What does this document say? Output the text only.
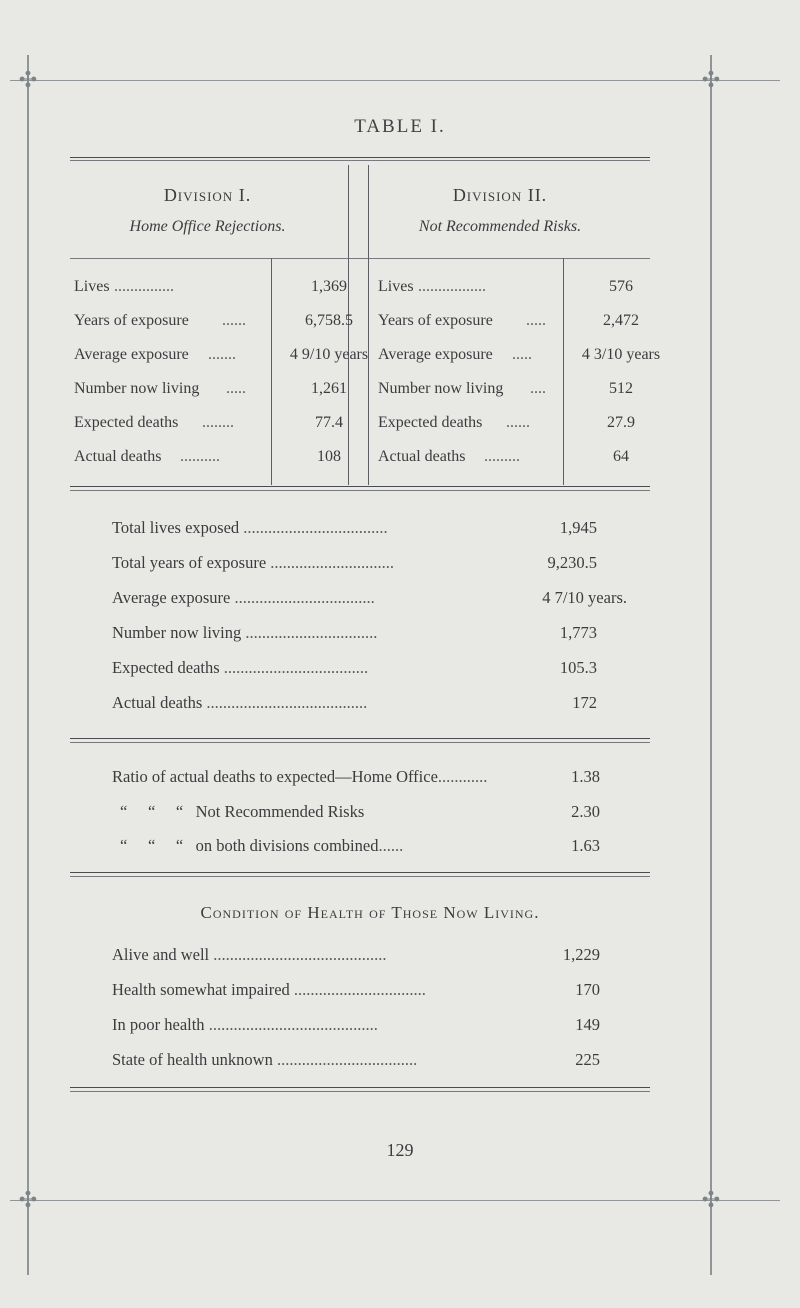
✣	✣
✣	✣
TABLE I.
Division I.
Home Office Rejections.
Division II.
Not Recommended Risks.
Lives ...............	1,369
Years of exposure ......	6,758.5
Average exposure .......	4 9/10 years
Number now living .....	1,261
Expected deaths ........	77.4
Actual deaths ..........	108
Lives .................	576
Years of exposure .....	2,472
Average exposure .....	4 3/10 years
Number now living ....	512
Expected deaths ......	27.9
Actual deaths .........	64
Total lives exposed ...................................	1,945
Total years of exposure ..............................	9,230.5
Average exposure ..................................	4 7/10 years.
Number now living ................................	1,773
Expected deaths ...................................	105.3
Actual deaths .......................................	172
Ratio of actual deaths to expected—Home Office............	1.38
“     “     “   Not Recommended Risks	2.30
“     “     “   on both divisions combined......	1.63
Condition of Health of Those Now Living.
Alive and well ..........................................	1,229
Health somewhat impaired ................................	170
In poor health .........................................	149
State of health unknown ..................................	225
129
